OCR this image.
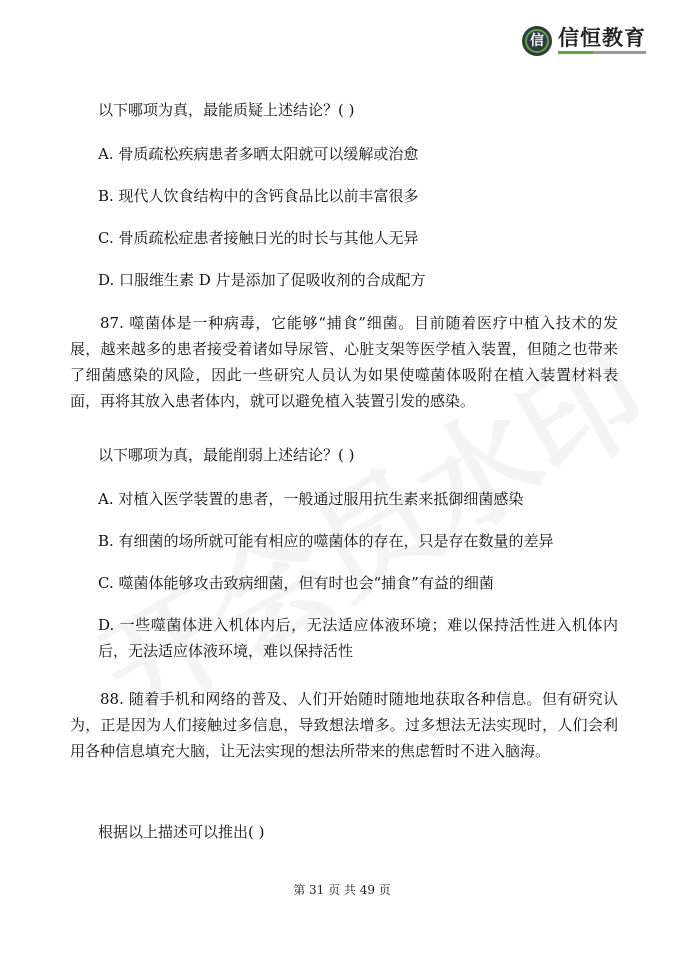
信 信恒教育
以下哪项为真，最能质疑上述结论？( )
A. 骨质疏松疾病患者多晒太阳就可以缓解或治愈
B. 现代人饮食结构中的含钙食品比以前丰富很多
C. 骨质疏松症患者接触日光的时长与其他人无异
D. 口服维生素 D 片是添加了促吸收剂的合成配方
87. 噬菌体是一种病毒，它能够“捕食”细菌。目前随着医疗中植入技术的发展，越来越多的患者接受着诸如导尿管、心脏支架等医学植入装置，但随之也带来了细菌感染的风险，因此一些研究人员认为如果使噬菌体吸附在植入装置材料表面，再将其放入患者体内，就可以避免植入装置引发的感染。
以下哪项为真，最能削弱上述结论？( )
A. 对植入医学装置的患者，一般通过服用抗生素来抵御细菌感染
B. 有细菌的场所就可能有相应的噬菌体的存在，只是存在数量的差异
C. 噬菌体能够攻击致病细菌，但有时也会“捕食”有益的细菌
D. 一些噬菌体进入机体内后，无法适应体液环境；难以保持活性进入机体内后，无法适应体液环境，难以保持活性
88. 随着手机和网络的普及、人们开始随时随地地获取各种信息。但有研究认为，正是因为人们接触过多信息，导致想法增多。过多想法无法实现时，人们会利用各种信息填充大脑，让无法实现的想法所带来的焦虑暂时不进入脑海。
根据以上描述可以推出( )
第 31 页 共 49 页
